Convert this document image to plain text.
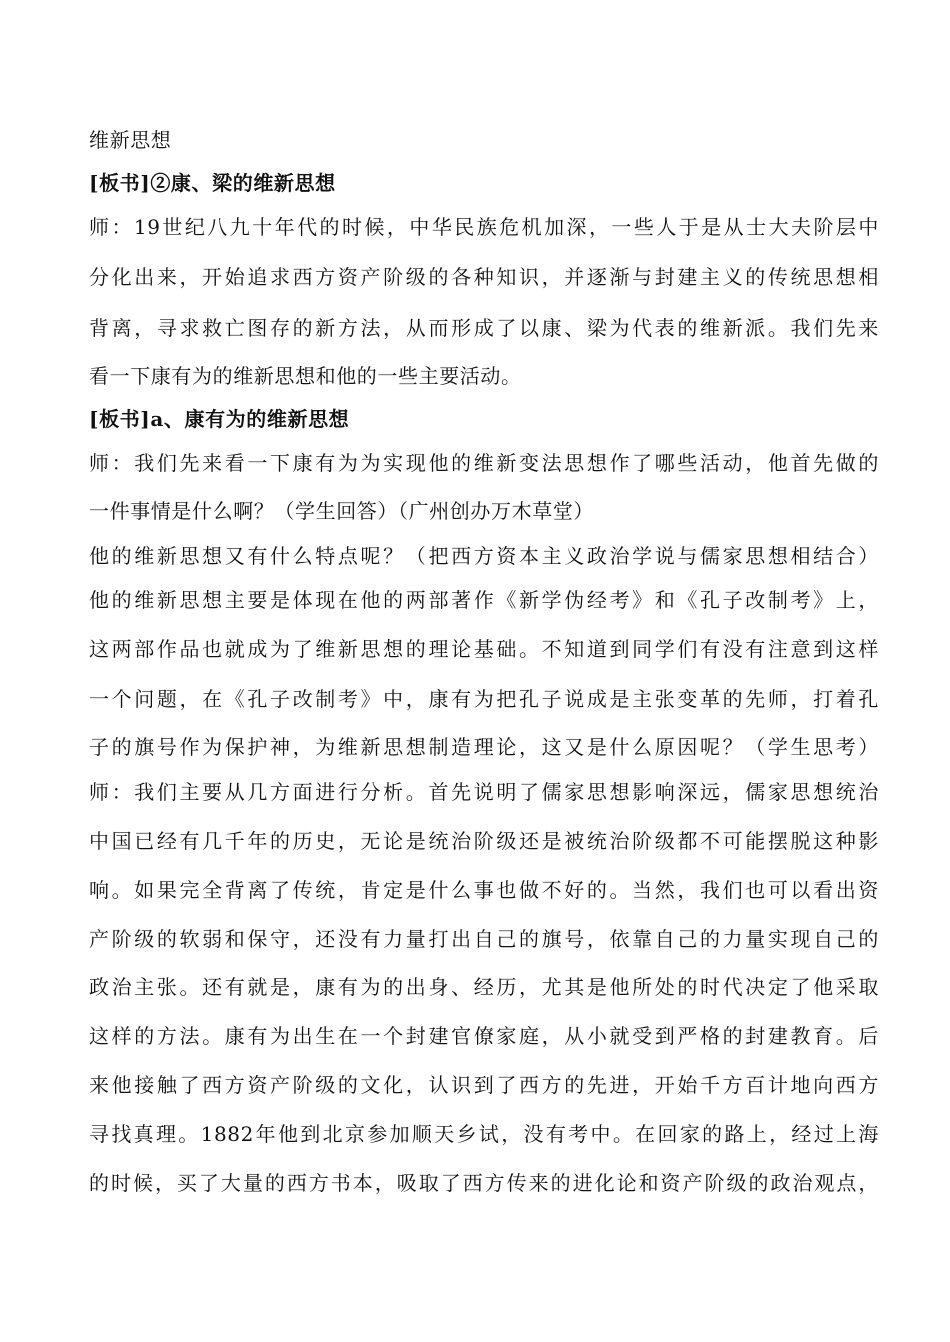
维新思想
[板书]②康、梁的维新思想
师：19世纪八九十年代的时候，中华民族危机加深，一些人于是从士大夫阶层中
分化出来，开始追求西方资产阶级的各种知识，并逐渐与封建主义的传统思想相
背离，寻求救亡图存的新方法，从而形成了以康、梁为代表的维新派。我们先来
看一下康有为的维新思想和他的一些主要活动。
[板书]a、康有为的维新思想
师：我们先来看一下康有为为实现他的维新变法思想作了哪些活动，他首先做的
一件事情是什么啊？（学生回答）（广州创办万木草堂）
他的维新思想又有什么特点呢？（把西方资本主义政治学说与儒家思想相结合）
他的维新思想主要是体现在他的两部著作《新学伪经考》和《孔子改制考》上，
这两部作品也就成为了维新思想的理论基础。不知道到同学们有没有注意到这样
一个问题，在《孔子改制考》中，康有为把孔子说成是主张变革的先师，打着孔
子的旗号作为保护神，为维新思想制造理论，这又是什么原因呢？（学生思考）
师：我们主要从几方面进行分析。首先说明了儒家思想影响深远，儒家思想统治
中国已经有几千年的历史，无论是统治阶级还是被统治阶级都不可能摆脱这种影
响。如果完全背离了传统，肯定是什么事也做不好的。当然，我们也可以看出资
产阶级的软弱和保守，还没有力量打出自己的旗号，依靠自己的力量实现自己的
政治主张。还有就是，康有为的出身、经历，尤其是他所处的时代决定了他采取
这样的方法。康有为出生在一个封建官僚家庭，从小就受到严格的封建教育。后
来他接触了西方资产阶级的文化，认识到了西方的先进，开始千方百计地向西方
寻找真理。1882年他到北京参加顺天乡试，没有考中。在回家的路上，经过上海
的时候，买了大量的西方书本，吸取了西方传来的进化论和资产阶级的政治观点，
